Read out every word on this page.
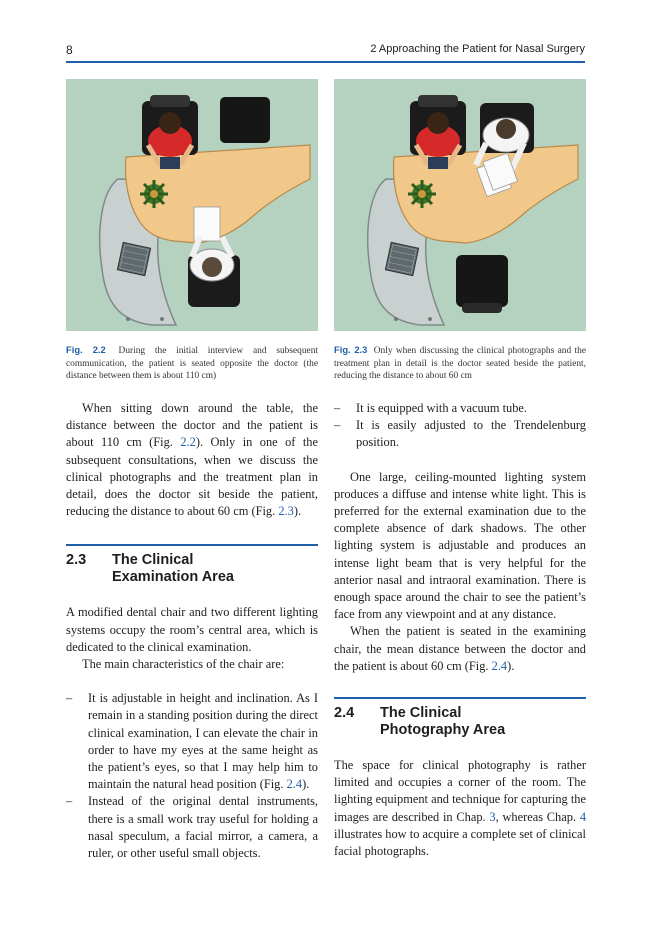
8	2 Approaching the Patient for Nasal Surgery
Fig. 2.2 During the initial interview and subsequent communication, the patient is seated opposite the doctor (the distance between them is about 110 cm)
Fig. 2.3 Only when discussing the clinical photographs and the treatment plan in detail is the doctor seated beside the patient, reducing the distance to about 60 cm

When sitting down around the table, the distance between the doctor and the patient is about 110 cm (Fig. 2.2). Only in one of the subsequent consultations, when we discuss the clinical photographs and the treatment plan in detail, does the doctor sit beside the patient, reducing the distance to about 60 cm (Fig. 2.3).

2.3	The Clinical
Examination Area

A modified dental chair and two different lighting systems occupy the room’s central area, which is dedicated to the clinical examination.

The main characteristics of the chair are:

–	It is adjustable in height and inclination. As I remain in a standing position during the direct clinical examination, I can elevate the chair in order to have my eyes at the same height as the patient’s eyes, so that I may help him to maintain the natural head position (Fig. 2.4).
–	Instead of the original dental instruments, there is a small work tray useful for holding a nasal speculum, a facial mirror, a camera, a ruler, or other useful small objects.
–	It is equipped with a vacuum tube.
–	It is easily adjusted to the Trendelenburg position.

One large, ceiling-mounted lighting system produces a diffuse and intense white light. This is preferred for the external examination due to the complete absence of dark shadows. The other lighting system is adjustable and produces an intense light beam that is very helpful for the anterior nasal and intraoral examination. There is enough space around the chair to see the patient’s face from any viewpoint and at any distance.

When the patient is seated in the examining chair, the mean distance between the doctor and the patient is about 60 cm (Fig. 2.4).

2.4	The Clinical
Photography Area

The space for clinical photography is rather limited and occupies a corner of the room. The lighting equipment and technique for capturing the images are described in Chap. 3, whereas Chap. 4 illustrates how to acquire a complete set of clinical facial photographs.
